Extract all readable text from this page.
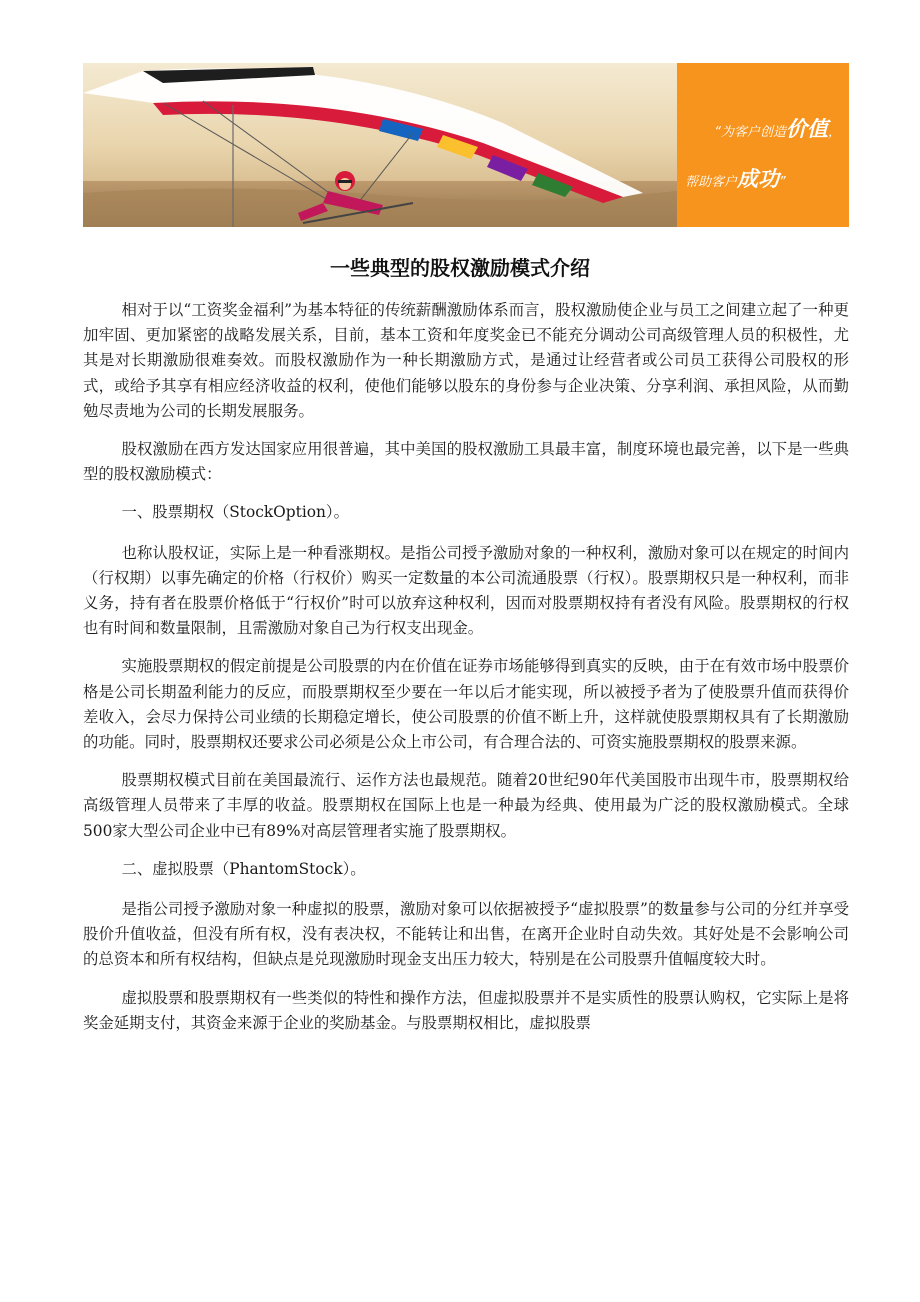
“为客户创造价值，
帮助客户成功”
一些典型的股权激励模式介绍

相对于以“工资奖金福利”为基本特征的传统薪酬激励体系而言，股权激励使企业与员工之间建立起了一种更加牢固、更加紧密的战略发展关系，目前，基本工资和年度奖金已不能充分调动公司高级管理人员的积极性，尤其是对长期激励很难奏效。而股权激励作为一种长期激励方式，是通过让经营者或公司员工获得公司股权的形式，或给予其享有相应经济收益的权利，使他们能够以股东的身份参与企业决策、分享利润、承担风险，从而勤勉尽责地为公司的长期发展服务。

股权激励在西方发达国家应用很普遍，其中美国的股权激励工具最丰富，制度环境也最完善，以下是一些典型的股权激励模式：

一、股票期权（StockOption）。

也称认股权证，实际上是一种看涨期权。是指公司授予激励对象的一种权利，激励对象可以在规定的时间内（行权期）以事先确定的价格（行权价）购买一定数量的本公司流通股票（行权）。股票期权只是一种权利，而非义务，持有者在股票价格低于“行权价”时可以放弃这种权利，因而对股票期权持有者没有风险。股票期权的行权也有时间和数量限制，且需激励对象自己为行权支出现金。

实施股票期权的假定前提是公司股票的内在价值在证券市场能够得到真实的反映，由于在有效市场中股票价格是公司长期盈利能力的反应，而股票期权至少要在一年以后才能实现，所以被授予者为了使股票升值而获得价差收入，会尽力保持公司业绩的长期稳定增长，使公司股票的价值不断上升，这样就使股票期权具有了长期激励的功能。同时，股票期权还要求公司必须是公众上市公司，有合理合法的、可资实施股票期权的股票来源。

股票期权模式目前在美国最流行、运作方法也最规范。随着20世纪90年代美国股市出现牛市，股票期权给高级管理人员带来了丰厚的收益。股票期权在国际上也是一种最为经典、使用最为广泛的股权激励模式。全球500家大型公司企业中已有89%对高层管理者实施了股票期权。

二、虚拟股票（PhantomStock）。

是指公司授予激励对象一种虚拟的股票，激励对象可以依据被授予“虚拟股票”的数量参与公司的分红并享受股价升值收益，但没有所有权，没有表决权，不能转让和出售，在离开企业时自动失效。其好处是不会影响公司的总资本和所有权结构，但缺点是兑现激励时现金支出压力较大，特别是在公司股票升值幅度较大时。

虚拟股票和股票期权有一些类似的特性和操作方法，但虚拟股票并不是实质性的股票认购权，它实际上是将奖金延期支付，其资金来源于企业的奖励基金。与股票期权相比，虚拟股票
